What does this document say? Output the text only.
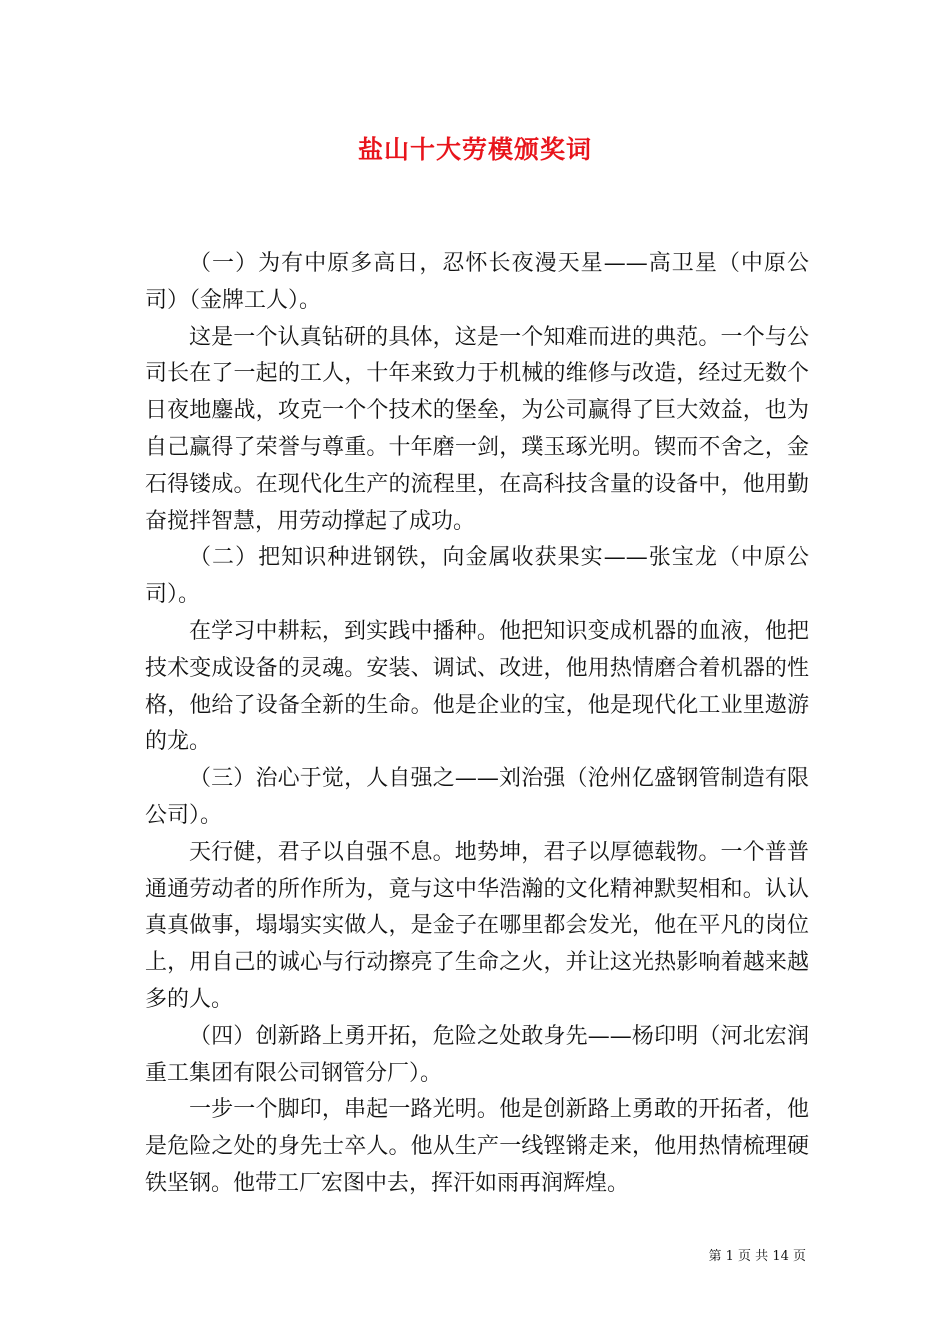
盐山十大劳模颁奖词

（一）为有中原多高日，忍怀长夜漫天星——高卫星（中原公司）（金牌工人）。

这是一个认真钻研的具体，这是一个知难而进的典范。一个与公司长在了一起的工人，十年来致力于机械的维修与改造，经过无数个日夜地鏖战，攻克一个个技术的堡垒，为公司赢得了巨大效益，也为自己赢得了荣誉与尊重。十年磨一剑，璞玉琢光明。锲而不舍之，金石得镂成。在现代化生产的流程里，在高科技含量的设备中，他用勤奋搅拌智慧，用劳动撑起了成功。

（二）把知识种进钢铁，向金属收获果实——张宝龙（中原公司）。

在学习中耕耘，到实践中播种。他把知识变成机器的血液，他把技术变成设备的灵魂。安装、调试、改进，他用热情磨合着机器的性格，他给了设备全新的生命。他是企业的宝，他是现代化工业里遨游的龙。

（三）治心于觉，人自强之——刘治强（沧州亿盛钢管制造有限公司）。

天行健，君子以自强不息。地势坤，君子以厚德载物。一个普普通通劳动者的所作所为，竟与这中华浩瀚的文化精神默契相和。认认真真做事，塌塌实实做人，是金子在哪里都会发光，他在平凡的岗位上，用自己的诚心与行动擦亮了生命之火，并让这光热影响着越来越多的人。

（四）创新路上勇开拓，危险之处敢身先——杨印明（河北宏润重工集团有限公司钢管分厂）。

一步一个脚印，串起一路光明。他是创新路上勇敢的开拓者，他是危险之处的身先士卒人。他从生产一线铿锵走来，他用热情梳理硬铁坚钢。他带工厂宏图中去，挥汗如雨再润辉煌。

第 1 页 共 14 页
